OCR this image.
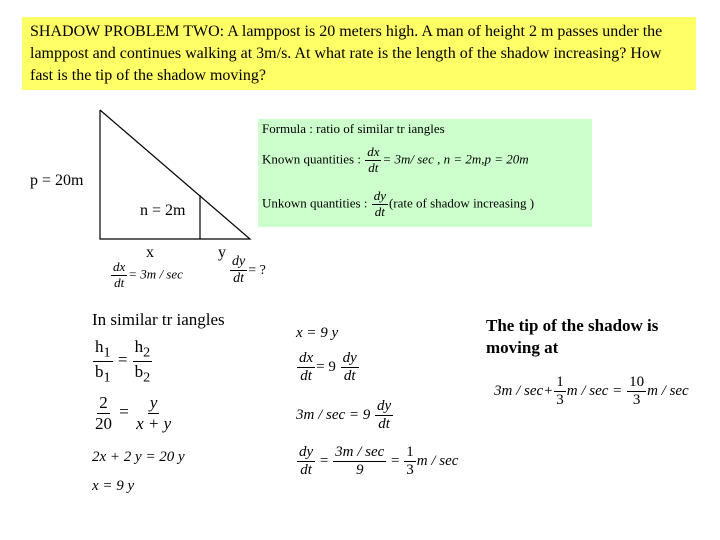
SHADOW PROBLEM TWO: A lamppost is 20 meters high. A man of height 2 m passes under the lamppost and continues walking at 3m/s. At what rate is the length of the shadow increasing? How fast is the tip of the shadow moving?
p = 20m
n = 2m
x	y
$\frac{dx}{dt} = 3m / \sec$	$\frac{dy}{dt}$ = ?
Formula : ratio of similar tr iangles
Known quantities : $\frac{dx}{dt} = 3m/$ sec , n = 2m,p = 20m
Unkown quantities : $\frac{dy}{dt}$ (rate of shadow increasing )
In similar tr iangles
$\frac{h_1}{b_1} = \frac{h_2}{b_2}$
$\frac{2}{20} = \frac{y}{x + y}$
2x + 2 y = 20 y
x = 9 y
x = 9 y
$\frac{dx}{dt} = 9 \frac{dy}{dt}$
$3m / \sec = 9 \frac{dy}{dt}$
$\frac{dy}{dt} = \frac{3m / \sec}{9} = \frac{1}{3}$ m / sec
The tip of the shadow is
moving at
$3m / \sec+ \frac{1}{3}$ $m / \sec = \frac{10}{3}$ m / sec
